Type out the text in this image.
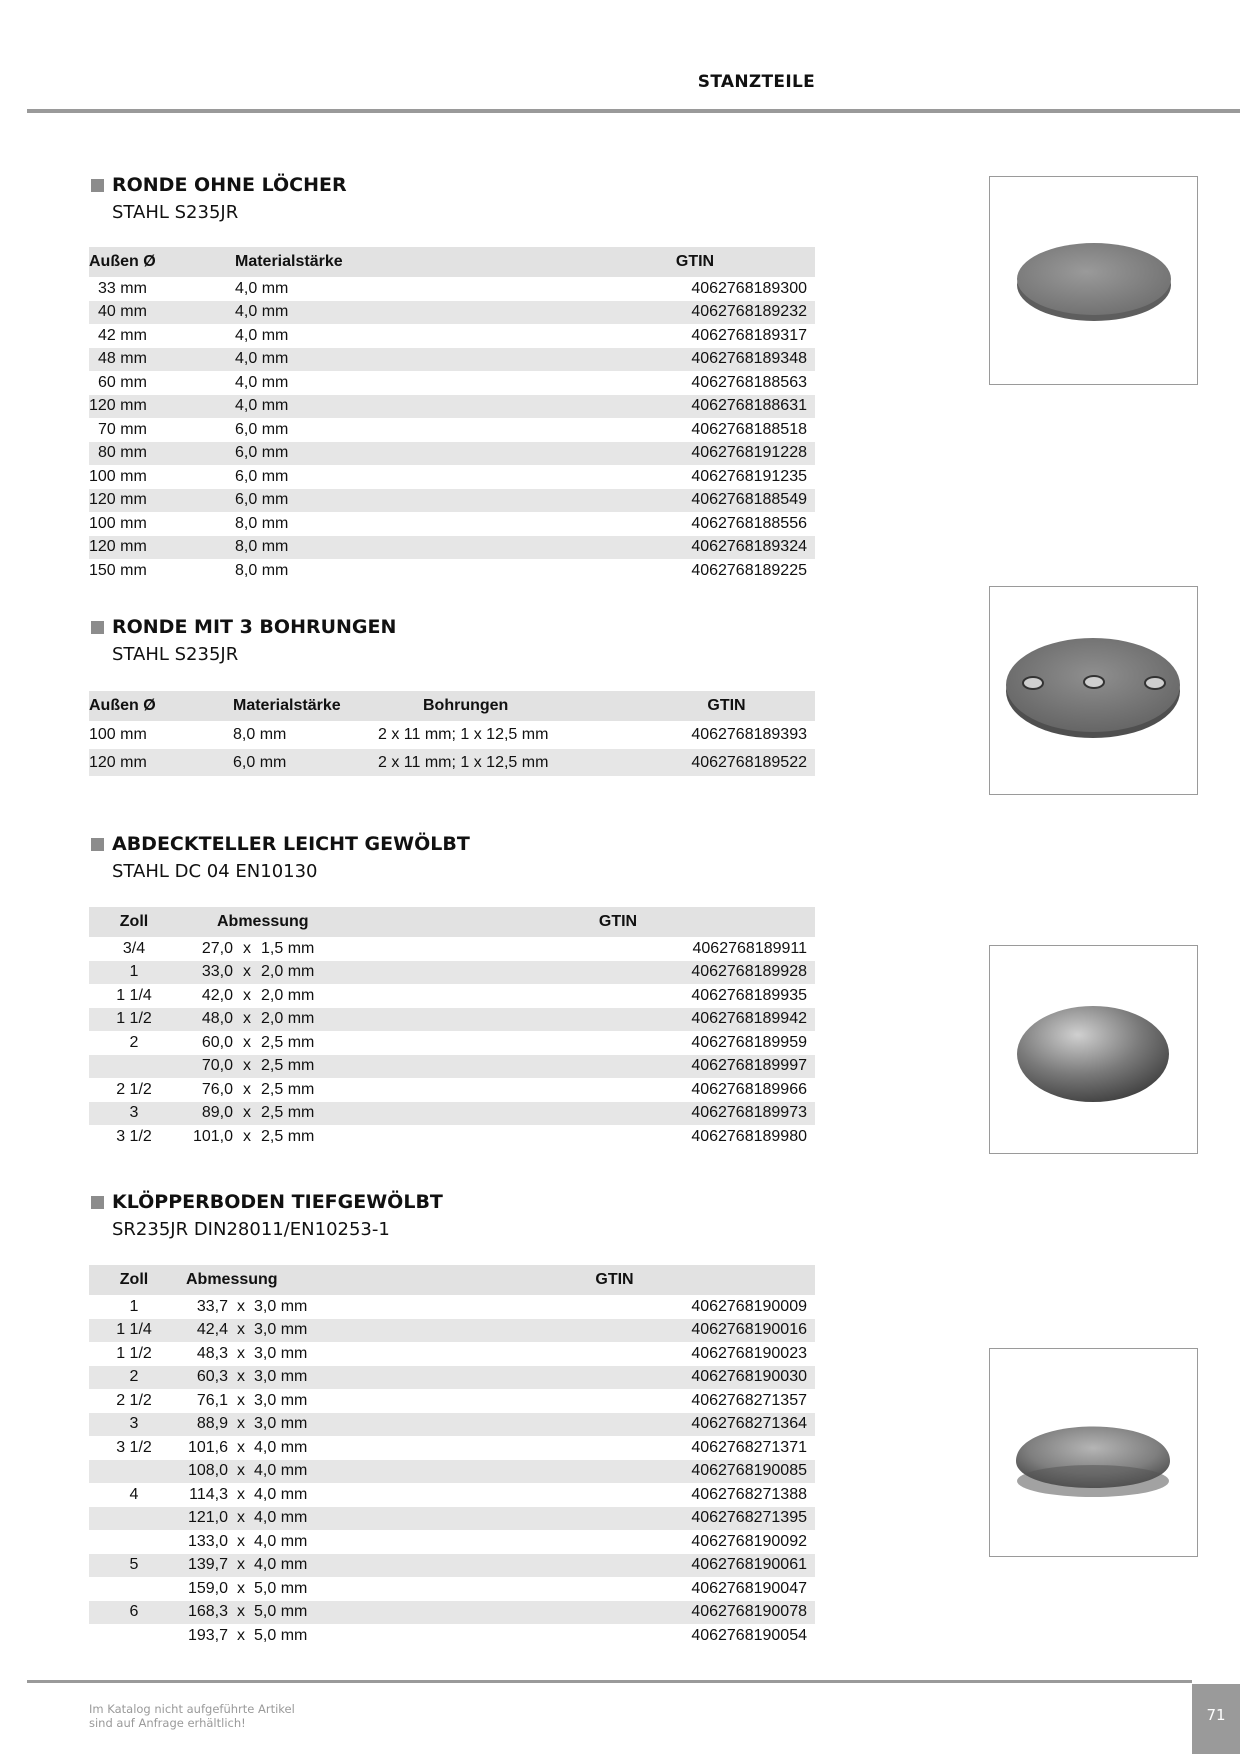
STANZTEILE
RONDE OHNE LÖCHER
STAHL S235JR
Außen Ø	Materialstärke	GTIN
33 mm	4,0 mm	4062768189300
40 mm	4,0 mm	4062768189232
42 mm	4,0 mm	4062768189317
48 mm	4,0 mm	4062768189348
60 mm	4,0 mm	4062768188563
120 mm	4,0 mm	4062768188631
70 mm	6,0 mm	4062768188518
80 mm	6,0 mm	4062768191228
100 mm	6,0 mm	4062768191235
120 mm	6,0 mm	4062768188549
100 mm	8,0 mm	4062768188556
120 mm	8,0 mm	4062768189324
150 mm	8,0 mm	4062768189225
RONDE MIT 3 BOHRUNGEN
STAHL S235JR
Außen Ø	Materialstärke	Bohrungen	GTIN
100 mm	8,0 mm	2 x 11 mm; 1 x 12,5 mm	4062768189393
120 mm	6,0 mm	2 x 11 mm; 1 x 12,5 mm	4062768189522
ABDECKTELLER LEICHT GEWÖLBT
STAHL DC 04 EN10130
Zoll	Abmessung			GTIN
3/4	27,0	x	1,5 mm	4062768189911
1	33,0	x	2,0 mm	4062768189928
1 1/4	42,0	x	2,0 mm	4062768189935
1 1/2	48,0	x	2,0 mm	4062768189942
2	60,0	x	2,5 mm	4062768189959
	70,0	x	2,5 mm	4062768189997
2 1/2	76,0	x	2,5 mm	4062768189966
3	89,0	x	2,5 mm	4062768189973
3 1/2	101,0	x	2,5 mm	4062768189980
KLÖPPERBODEN TIEFGEWÖLBT
SR235JR DIN28011/EN10253-1
Zoll	Abmessung			GTIN
1	33,7	x	3,0 mm	4062768190009
1 1/4	42,4	x	3,0 mm	4062768190016
1 1/2	48,3	x	3,0 mm	4062768190023
2	60,3	x	3,0 mm	4062768190030
2 1/2	76,1	x	3,0 mm	4062768271357
3	88,9	x	3,0 mm	4062768271364
3 1/2	101,6	x	4,0 mm	4062768271371
	108,0	x	4,0 mm	4062768190085
4	114,3	x	4,0 mm	4062768271388
	121,0	x	4,0 mm	4062768271395
	133,0	x	4,0 mm	4062768190092
5	139,7	x	4,0 mm	4062768190061
	159,0	x	5,0 mm	4062768190047
6	168,3	x	5,0 mm	4062768190078
	193,7	x	5,0 mm	4062768190054
Im Katalog nicht aufgeführte Artikel
sind auf Anfrage erhältlich!	71
